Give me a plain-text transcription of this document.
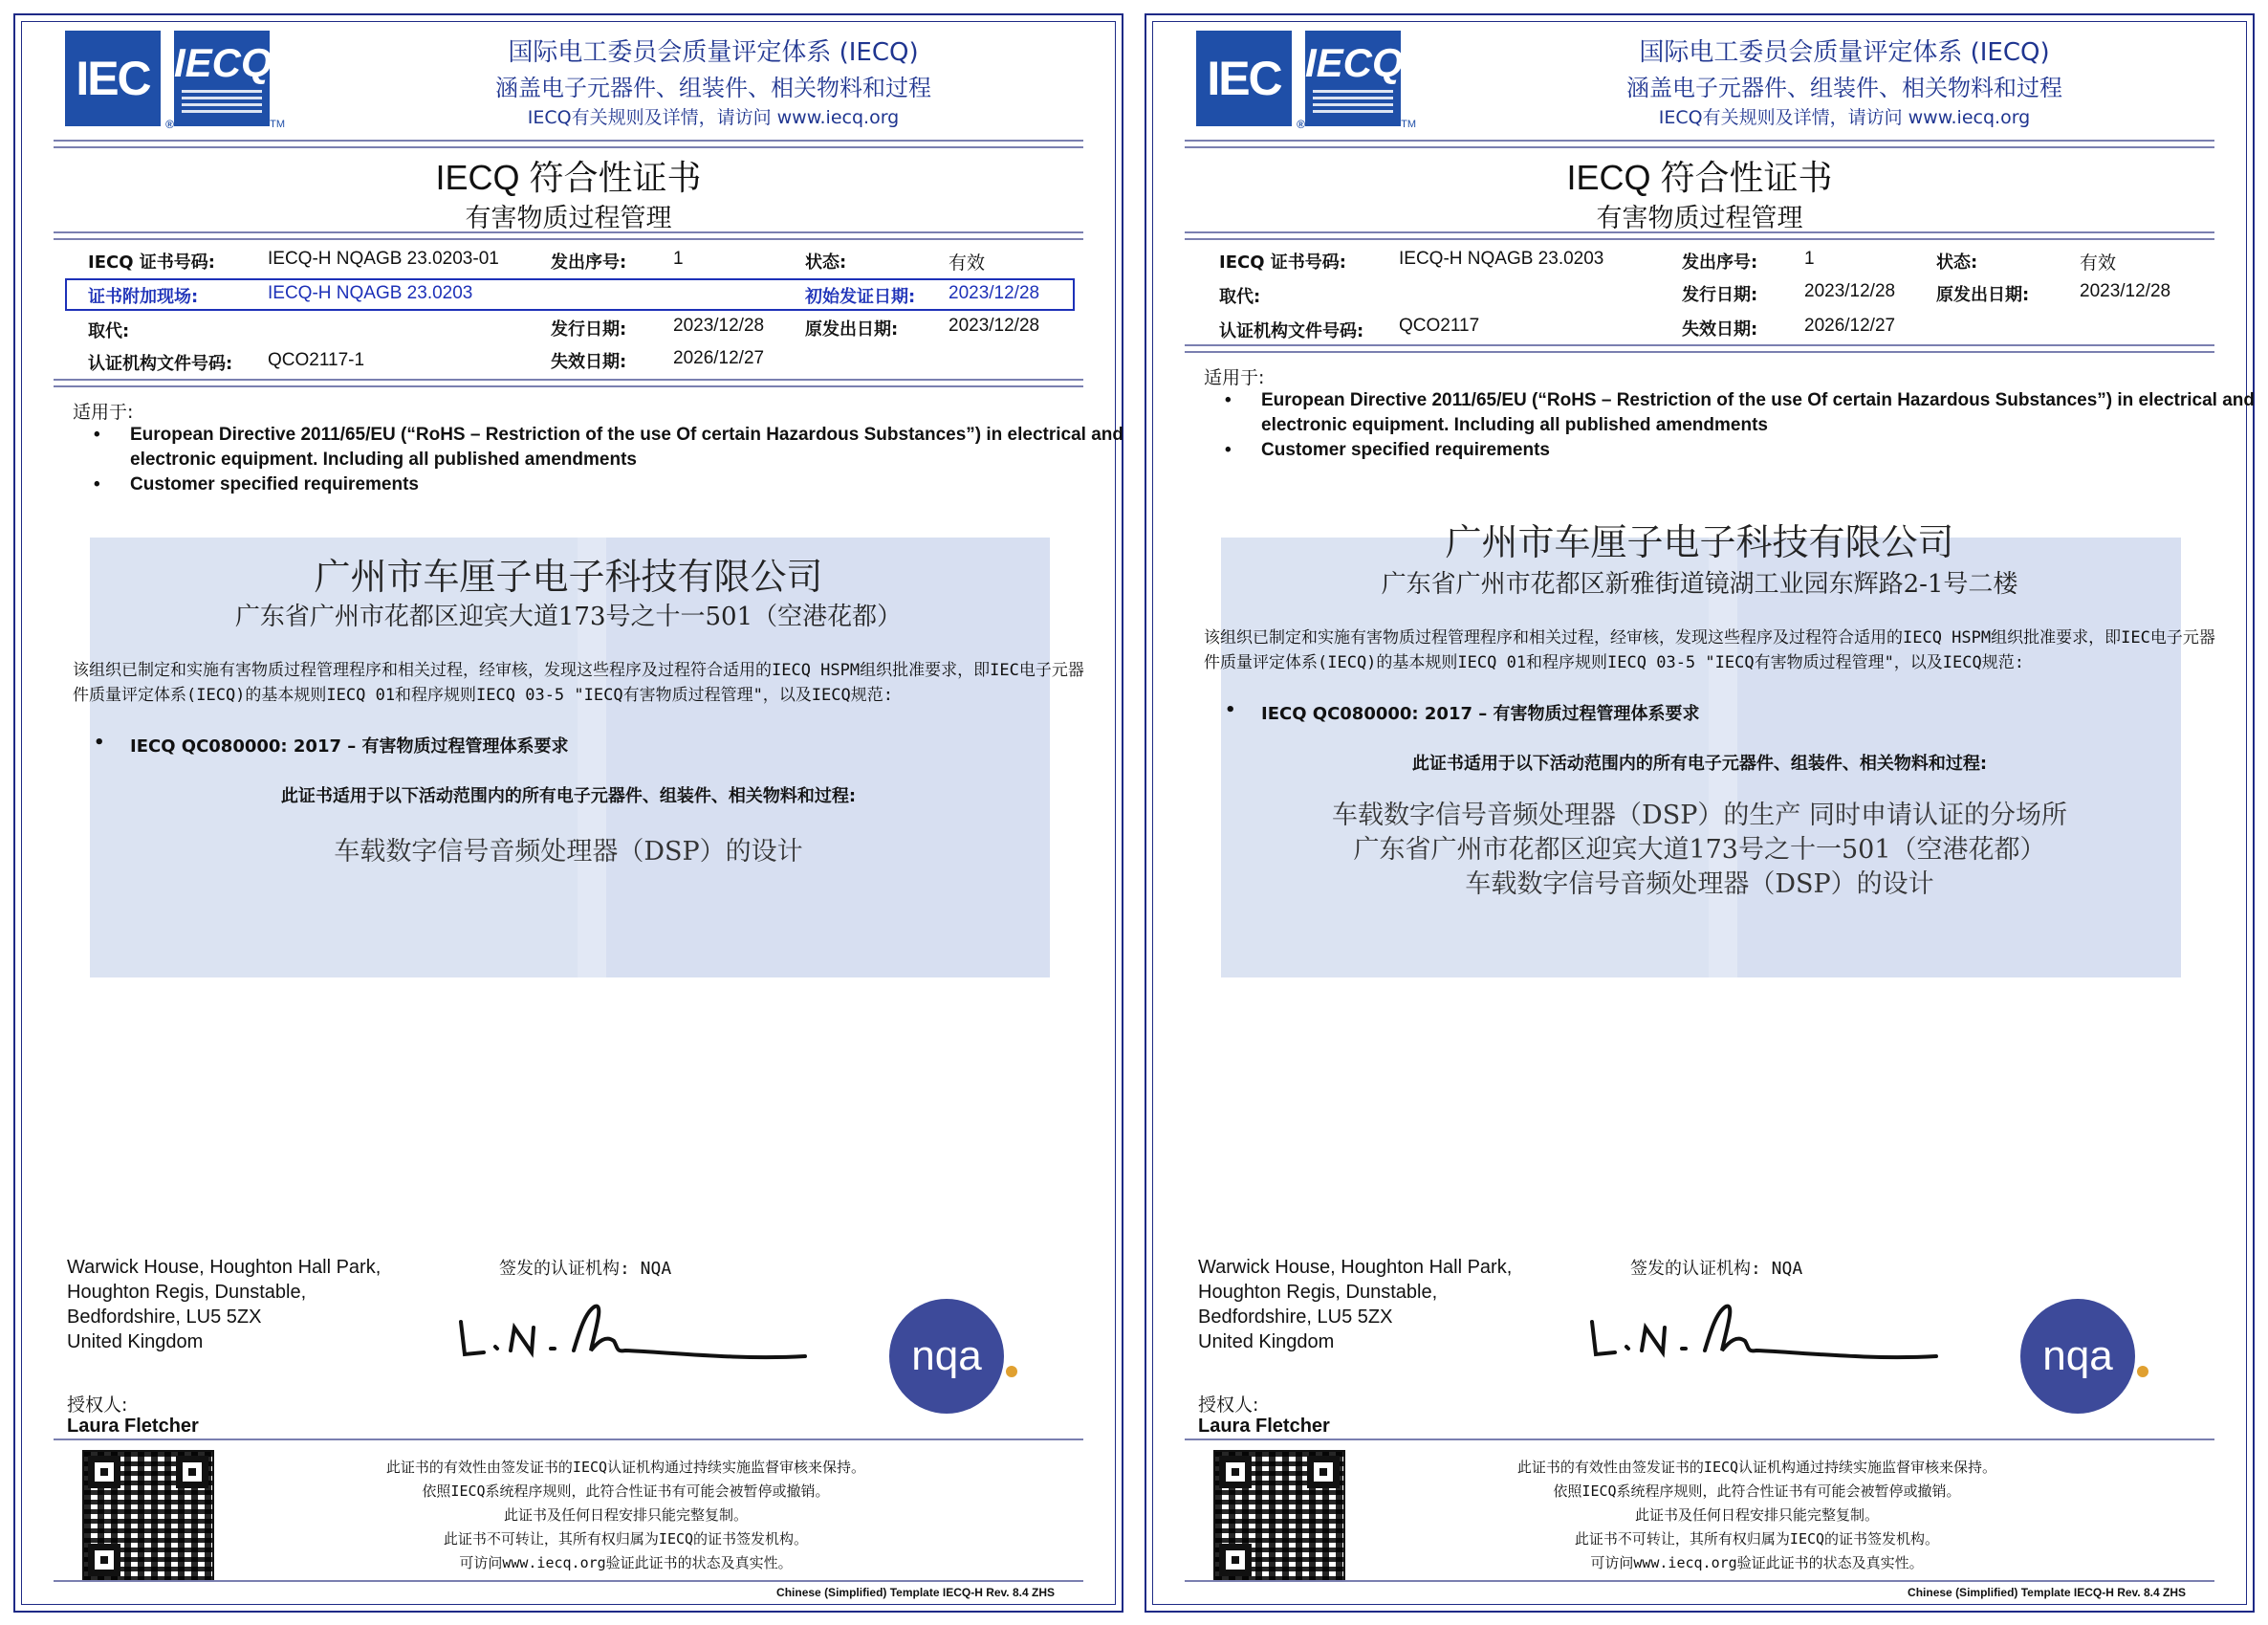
IEC
®
IECQ
TM
国际电工委员会质量评定体系 (IECQ)
涵盖电子元器件、组装件、相关物料和过程
IECQ有关规则及详情，请访问 www.iecq.org
IECQ 符合性证书
有害物质过程管理
IECQ 证书号码:	IECQ-H NQAGB 23.0203-01	发出序号:	1	状态:	有效
证书附加现场:	IECQ-H NQAGB 23.0203	初始发证日期: 2023/12/28
取代:	发行日期:	2023/12/28 原发出日期:	2023/12/28
认证机构文件号码: QCO2117-1	失效日期:	2026/12/27
适用于:
• European Directive 2011/65/EU (“RoHS – Restriction of the use Of certain Hazardous Substances”) in electrical and electronic equipment. Including all published amendments
• Customer specified requirements
广州市车厘子电子科技有限公司
广东省广州市花都区迎宾大道173号之十一501（空港花都）
该组织已制定和实施有害物质过程管理程序和相关过程，经审核，发现这些程序及过程符合适用的IECQ HSPM组织批准要求，即IEC电子元器件质量评定体系(IECQ)的基本规则IECQ 01和程序规则IECQ 03-5 "IECQ有害物质过程管理"，以及IECQ规范:
• IECQ QC080000: 2017 – 有害物质过程管理体系要求
此证书适用于以下活动范围内的所有电子元器件、组装件、相关物料和过程:
车载数字信号音频处理器（DSP）的设计
Warwick House, Houghton Hall Park,
Houghton Regis, Dunstable,
Bedfordshire, LU5 5ZX
United Kingdom
签发的认证机构: NQA
nqa
授权人:
Laura Fletcher
此证书的有效性由签发证书的IECQ认证机构通过持续实施监督审核来保持。
依照IECQ系统程序规则，此符合性证书有可能会被暂停或撤销。
此证书及任何日程安排只能完整复制。
此证书不可转让，其所有权归属为IECQ的证书签发机构。
可访问www.iecq.org验证此证书的状态及真实性。
Chinese (Simplified) Template IECQ-H Rev. 8.4 ZHS
IEC
®
IECQ
TM
国际电工委员会质量评定体系 (IECQ)
涵盖电子元器件、组装件、相关物料和过程
IECQ有关规则及详情，请访问 www.iecq.org
IECQ 符合性证书
有害物质过程管理
IECQ 证书号码:	IECQ-H NQAGB 23.0203	发出序号:	1	状态:	有效
取代:	发行日期:	2023/12/28 原发出日期:	2023/12/28
认证机构文件号码: QCO2117	失效日期:	2026/12/27
适用于:
• European Directive 2011/65/EU (“RoHS – Restriction of the use Of certain Hazardous Substances”) in electrical and electronic equipment. Including all published amendments
• Customer specified requirements
广州市车厘子电子科技有限公司
广东省广州市花都区新雅街道镜湖工业园东辉路2-1号二楼
该组织已制定和实施有害物质过程管理程序和相关过程，经审核，发现这些程序及过程符合适用的IECQ HSPM组织批准要求，即IEC电子元器件质量评定体系(IECQ)的基本规则IECQ 01和程序规则IECQ 03-5 "IECQ有害物质过程管理"，以及IECQ规范:
• IECQ QC080000: 2017 – 有害物质过程管理体系要求
此证书适用于以下活动范围内的所有电子元器件、组装件、相关物料和过程:
车载数字信号音频处理器（DSP）的生产 同时申请认证的分场所
广东省广州市花都区迎宾大道173号之十一501（空港花都）
车载数字信号音频处理器（DSP）的设计
Warwick House, Houghton Hall Park,
Houghton Regis, Dunstable,
Bedfordshire, LU5 5ZX
United Kingdom
签发的认证机构: NQA
nqa
授权人:
Laura Fletcher
此证书的有效性由签发证书的IECQ认证机构通过持续实施监督审核来保持。
依照IECQ系统程序规则，此符合性证书有可能会被暂停或撤销。
此证书及任何日程安排只能完整复制。
此证书不可转让，其所有权归属为IECQ的证书签发机构。
可访问www.iecq.org验证此证书的状态及真实性。
Chinese (Simplified) Template IECQ-H Rev. 8.4 ZHS
